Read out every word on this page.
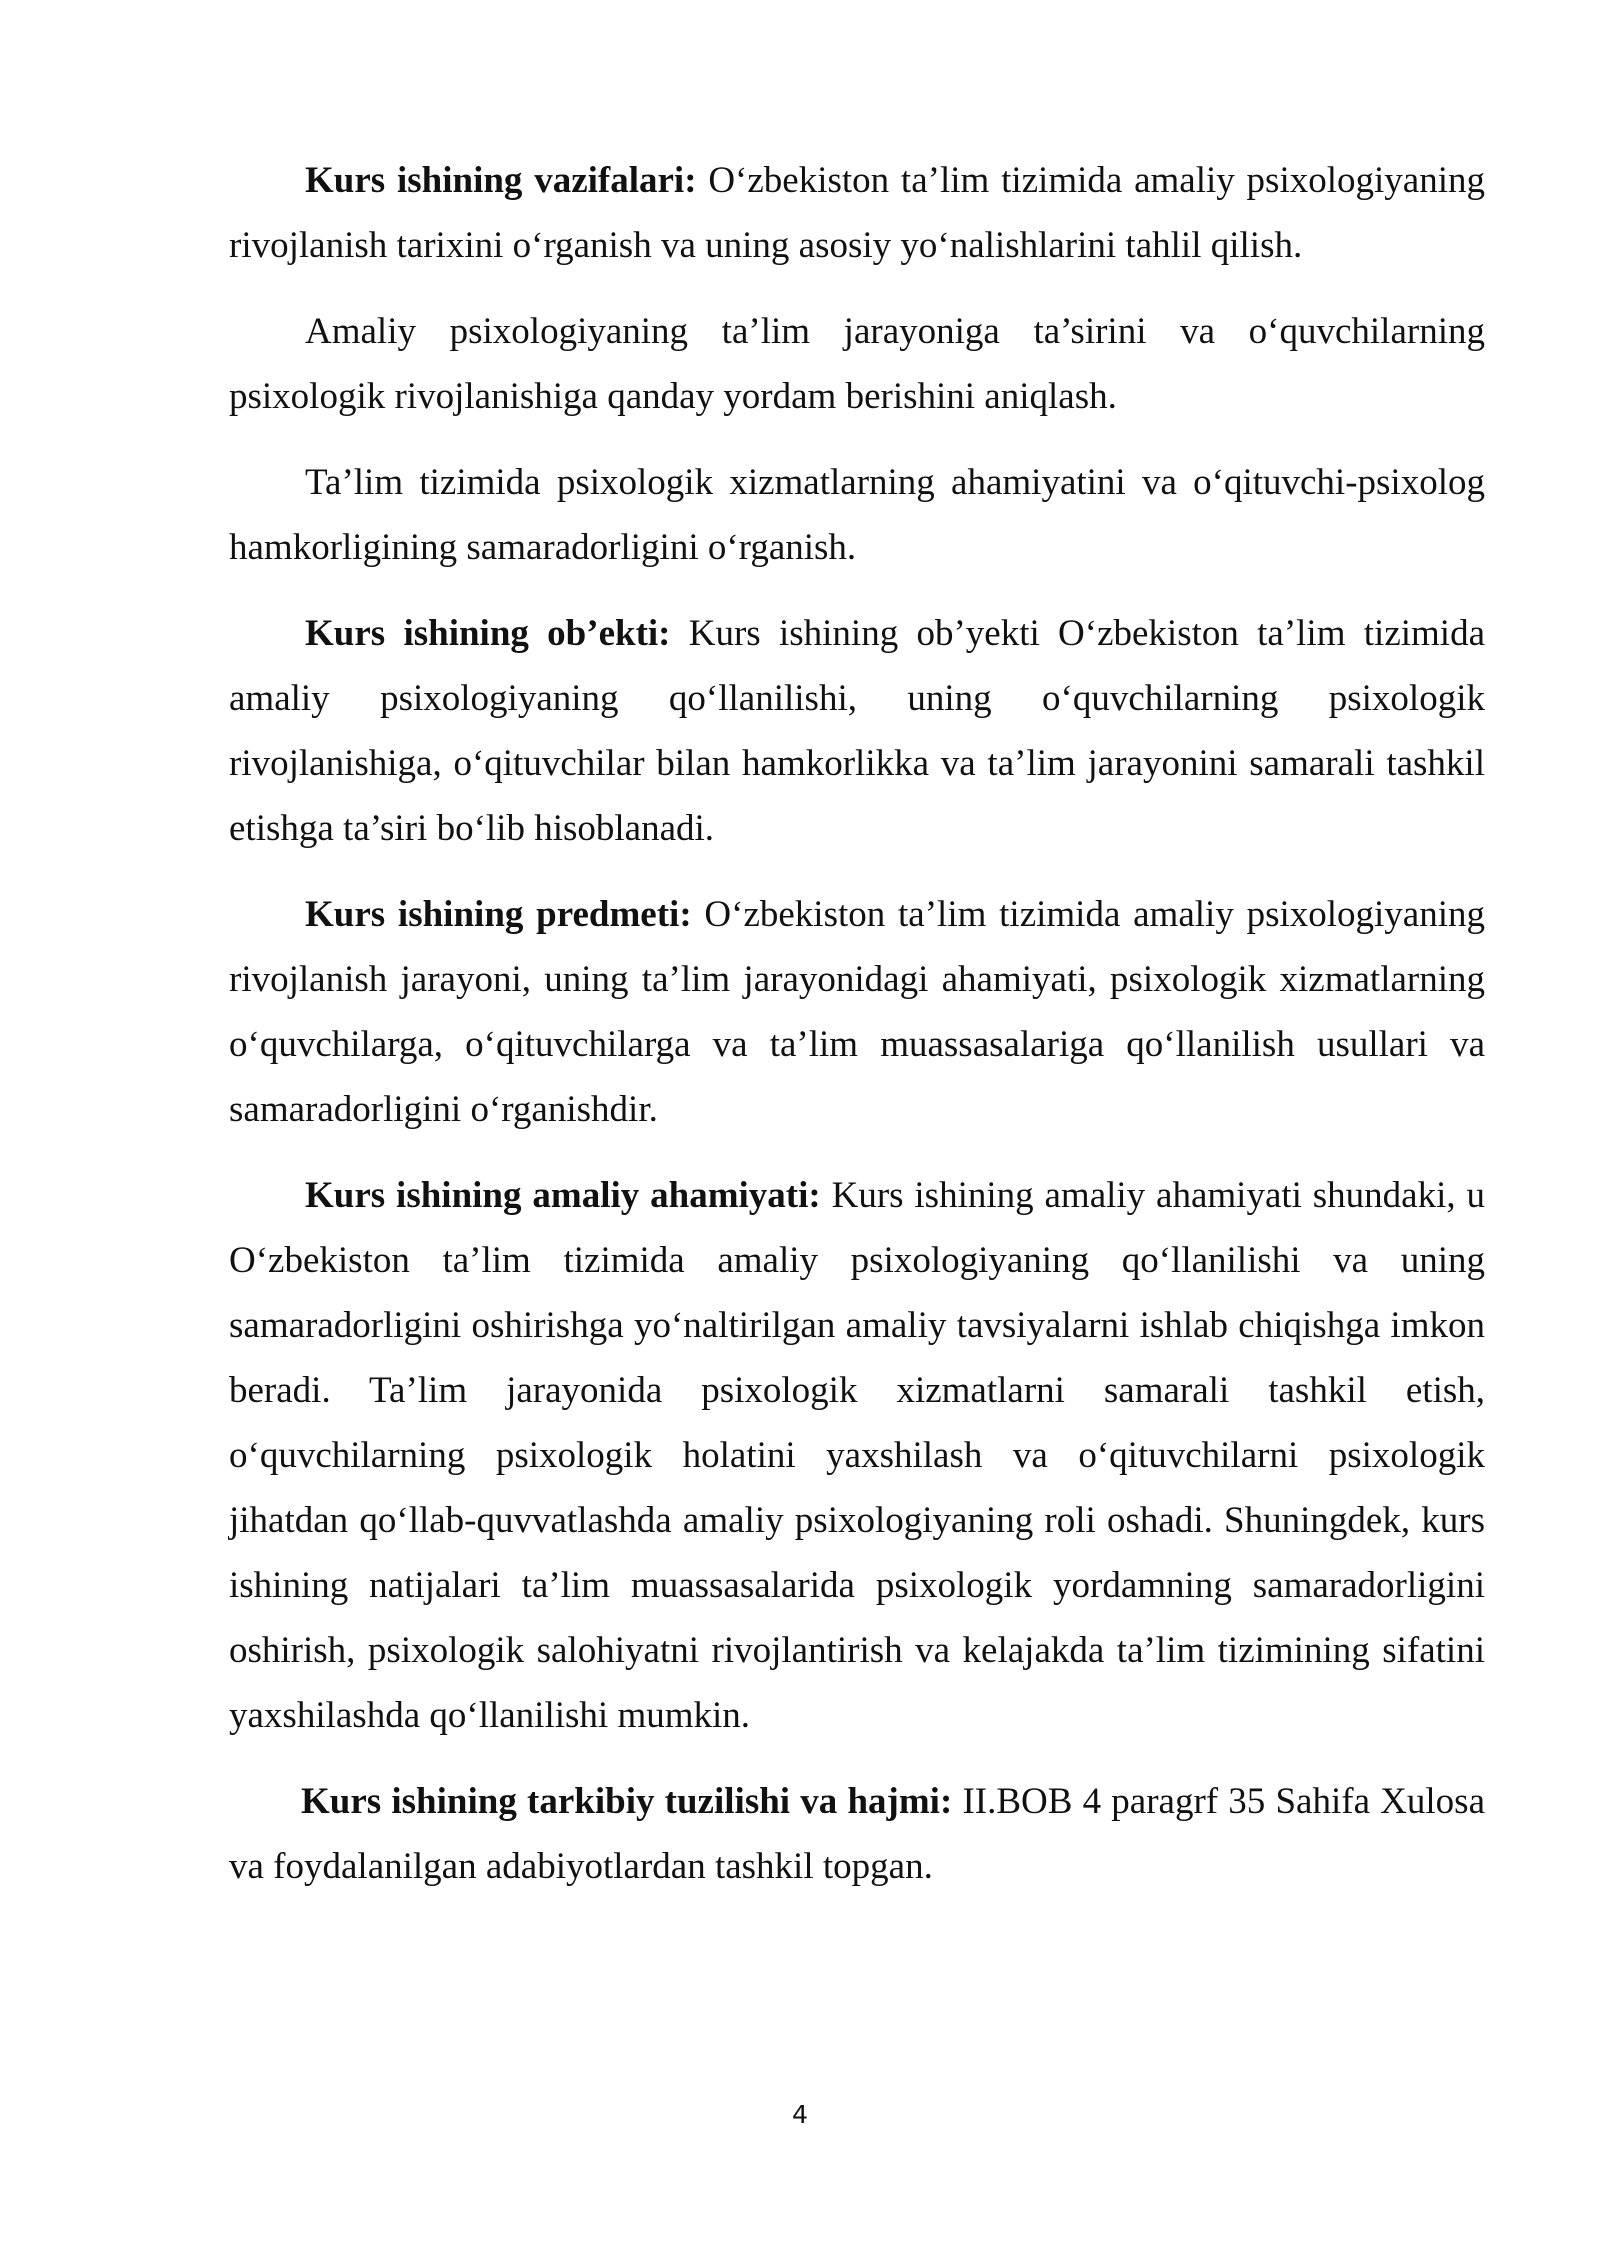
Kurs ishining vazifalari: O‘zbekiston ta’lim tizimida amaliy psixologiyaning rivojlanish tarixini o‘rganish va uning asosiy yo‘nalishlarini tahlil qilish.

Amaliy psixologiyaning ta’lim jarayoniga ta’sirini va o‘quvchilarning psixologik rivojlanishiga qanday yordam berishini aniqlash.

Ta’lim tizimida psixologik xizmatlarning ahamiyatini va o‘qituvchi-psixolog hamkorligining samaradorligini o‘rganish.

Kurs ishining ob’ekti: Kurs ishining ob’yekti O‘zbekiston ta’lim tizimida amaliy psixologiyaning qo‘llanilishi, uning o‘quvchilarning psixologik rivojlanishiga, o‘qituvchilar bilan hamkorlikka va ta’lim jarayonini samarali tashkil etishga ta’siri bo‘lib hisoblanadi.

Kurs ishining predmeti: O‘zbekiston ta’lim tizimida amaliy psixologiyaning rivojlanish jarayoni, uning ta’lim jarayonidagi ahamiyati, psixologik xizmatlarning o‘quvchilarga, o‘qituvchilarga va ta’lim muassasalariga qo‘llanilish usullari va samaradorligini o‘rganishdir.

Kurs ishining amaliy ahamiyati: Kurs ishining amaliy ahamiyati shundaki, u O‘zbekiston ta’lim tizimida amaliy psixologiyaning qo‘llanilishi va uning samaradorligini oshirishga yo‘naltirilgan amaliy tavsiyalarni ishlab chiqishga imkon beradi. Ta’lim jarayonida psixologik xizmatlarni samarali tashkil etish, o‘quvchilarning psixologik holatini yaxshilash va o‘qituvchilarni psixologik jihatdan qo‘llab-quvvatlashda amaliy psixologiyaning roli oshadi. Shuningdek, kurs ishining natijalari ta’lim muassasalarida psixologik yordamning samaradorligini oshirish, psixologik salohiyatni rivojlantirish va kelajakda ta’lim tizimining sifatini yaxshilashda qo‘llanilishi mumkin.

Kurs ishining tarkibiy tuzilishi va hajmi: II.BOB 4 paragrf 35 Sahifa Xulosa va foydalanilgan adabiyotlardan tashkil topgan.

4
